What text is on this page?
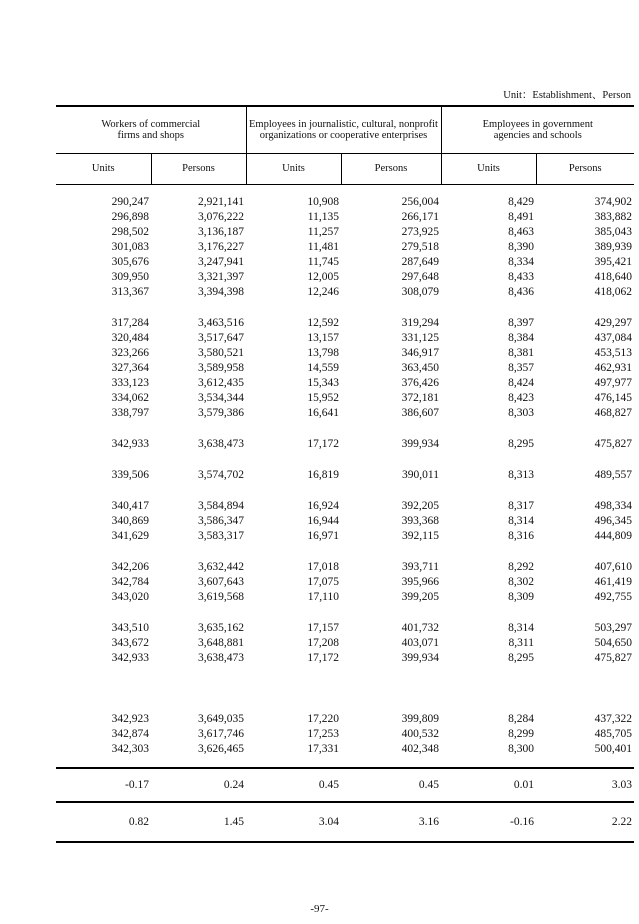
Unit：Establishment、Person
Workers of commercial
firms and shops		Employees in journalistic, cultural, nonprofit
organizations or cooperative enterprises		Employees in government
agencies and schools	
Units	Persons	Units	Persons	Units	Persons
290,247	2,921,141	10,908	256,004	8,429	374,902
296,898	3,076,222	11,135	266,171	8,491	383,882
298,502	3,136,187	11,257	273,925	8,463	385,043
301,083	3,176,227	11,481	279,518	8,390	389,939
305,676	3,247,941	11,745	287,649	8,334	395,421
309,950	3,321,397	12,005	297,648	8,433	418,640
313,367	3,394,398	12,246	308,079	8,436	418,062

317,284	3,463,516	12,592	319,294	8,397	429,297
320,484	3,517,647	13,157	331,125	8,384	437,084
323,266	3,580,521	13,798	346,917	8,381	453,513
327,364	3,589,958	14,559	363,450	8,357	462,931
333,123	3,612,435	15,343	376,426	8,424	497,977
334,062	3,534,344	15,952	372,181	8,423	476,145
338,797	3,579,386	16,641	386,607	8,303	468,827

342,933	3,638,473	17,172	399,934	8,295	475,827

339,506	3,574,702	16,819	390,011	8,313	489,557

340,417	3,584,894	16,924	392,205	8,317	498,334
340,869	3,586,347	16,944	393,368	8,314	496,345
341,629	3,583,317	16,971	392,115	8,316	444,809

342,206	3,632,442	17,018	393,711	8,292	407,610
342,784	3,607,643	17,075	395,966	8,302	461,419
343,020	3,619,568	17,110	399,205	8,309	492,755

343,510	3,635,162	17,157	401,732	8,314	503,297
343,672	3,648,881	17,208	403,071	8,311	504,650
342,933	3,638,473	17,172	399,934	8,295	475,827

342,923	3,649,035	17,220	399,809	8,284	437,322
342,874	3,617,746	17,253	400,532	8,299	485,705
342,303	3,626,465	17,331	402,348	8,300	500,401

-0.17	0.24	0.45	0.45	0.01	3.03
0.82	1.45	3.04	3.16	-0.16	2.22
-97-
